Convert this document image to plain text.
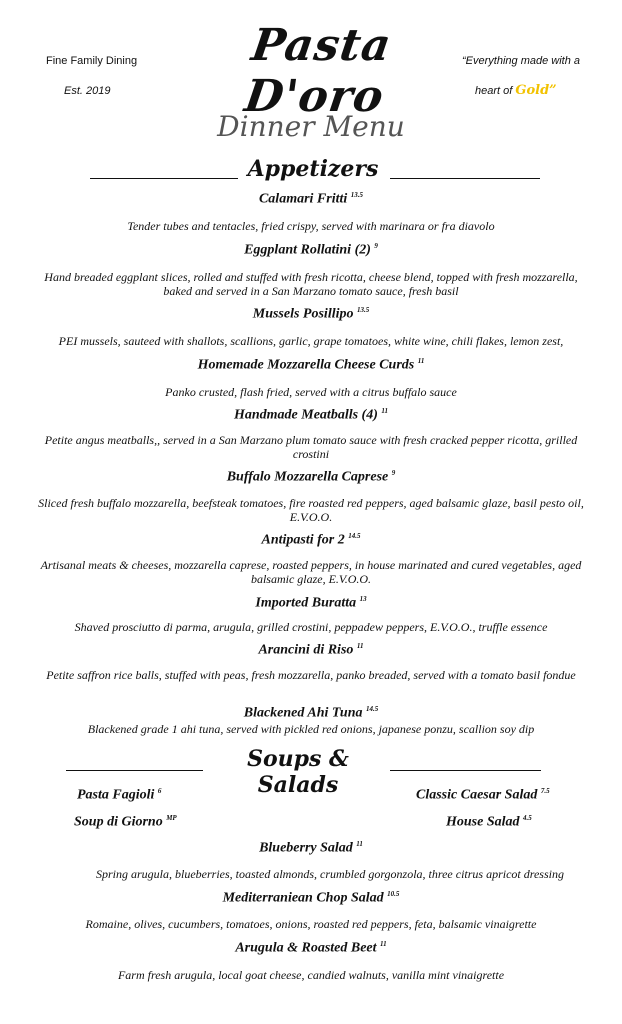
Fine Family Dining
Est. 2019
Pasta D'oro
“Everything made with a
heart of Gold”
Dinner Menu
Appetizers
Calamari Fritti $^{13.5}$
Tender tubes and tentacles, fried crispy, served with marinara or fra diavolo
Eggplant Rollatini (2) $^9$
Hand breaded eggplant slices, rolled and stuffed with fresh ricotta, cheese blend, topped with fresh mozzarella, baked and served in a San Marzano tomato sauce, fresh basil
Mussels Posillipo $^{13.5}$
PEI mussels, sauteed with shallots, scallions, garlic, grape tomatoes, white wine, chili flakes, lemon zest,
Homemade Mozzarella Cheese Curds $^{11}$
Panko crusted, flash fried, served with a citrus buffalo sauce
Handmade Meatballs (4) $^{11}$
Petite angus meatballs,, served in a San Marzano plum tomato sauce with fresh cracked pepper ricotta, grilled crostini
Buffalo Mozzarella Caprese $^9$
Sliced fresh buffalo mozzarella, beefsteak tomatoes, fire roasted red peppers, aged balsamic glaze, basil pesto oil, E.V.O.O.
Antipasti for 2 $^{14.5}$
Artisanal meats & cheeses, mozzarella caprese, roasted peppers, in house marinated and cured vegetables, aged balsamic glaze, E.V.O.O.
Imported Buratta $^{13}$
Shaved prosciutto di parma, arugula, grilled crostini, peppadew peppers, E.V.O.O., truffle essence
Arancini di Riso $^{11}$
Petite saffron rice balls, stuffed with peas, fresh mozzarella, panko breaded, served with a tomato basil fondue
Blackened Ahi Tuna $^{14.5}$
Blackened grade 1 ahi tuna, served with pickled red onions, japanese ponzu, scallion soy dip
Soups & Salads
Pasta Fagioli $^6$
Soup di Giorno $^{MP}$
Classic Caesar Salad $^{7.5}$
House Salad $^{4.5}$
Blueberry Salad $^{11}$
Spring arugula, blueberries, toasted almonds, crumbled gorgonzola, three citrus apricot dressing
Mediterraniean Chop Salad $^{10.5}$
Romaine, olives, cucumbers, tomatoes, onions, roasted red peppers, feta, balsamic vinaigrette
Arugula & Roasted Beet $^{11}$
Farm fresh arugula, local goat cheese, candied walnuts, vanilla mint vinaigrette
